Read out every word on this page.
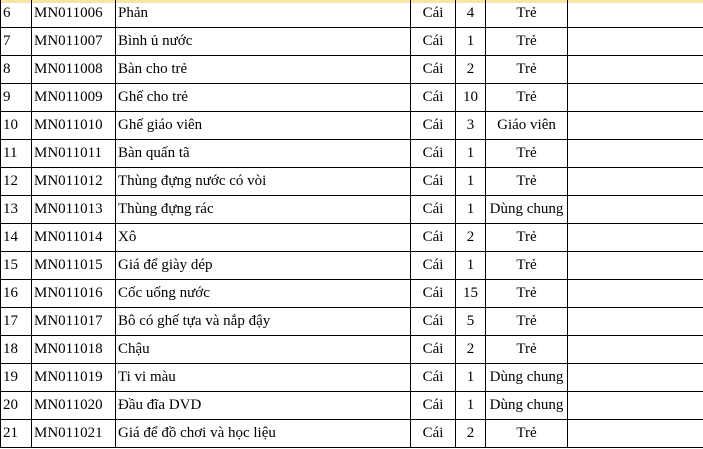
6	MN011006	Phản	Cái	4	Trẻ	
7	MN011007	Bình ủ nước	Cái	1	Trẻ	
8	MN011008	Bàn cho trẻ	Cái	2	Trẻ	
9	MN011009	Ghế cho trẻ	Cái	10	Trẻ	
10	MN011010	Ghế giáo viên	Cái	3	Giáo viên	
11	MN011011	Bàn quấn tã	Cái	1	Trẻ	
12	MN011012	Thùng đựng nước có vòi	Cái	1	Trẻ	
13	MN011013	Thùng đựng rác	Cái	1	Dùng chung	
14	MN011014	Xô	Cái	2	Trẻ	
15	MN011015	Giá để giày dép	Cái	1	Trẻ	
16	MN011016	Cốc uống nước	Cái	15	Trẻ	
17	MN011017	Bô có ghế tựa và nắp đậy	Cái	5	Trẻ	
18	MN011018	Chậu	Cái	2	Trẻ	
19	MN011019	Ti vi màu	Cái	1	Dùng chung	
20	MN011020	Đầu đĩa DVD	Cái	1	Dùng chung	
21	MN011021	Giá để đồ chơi và học liệu	Cái	2	Trẻ	
